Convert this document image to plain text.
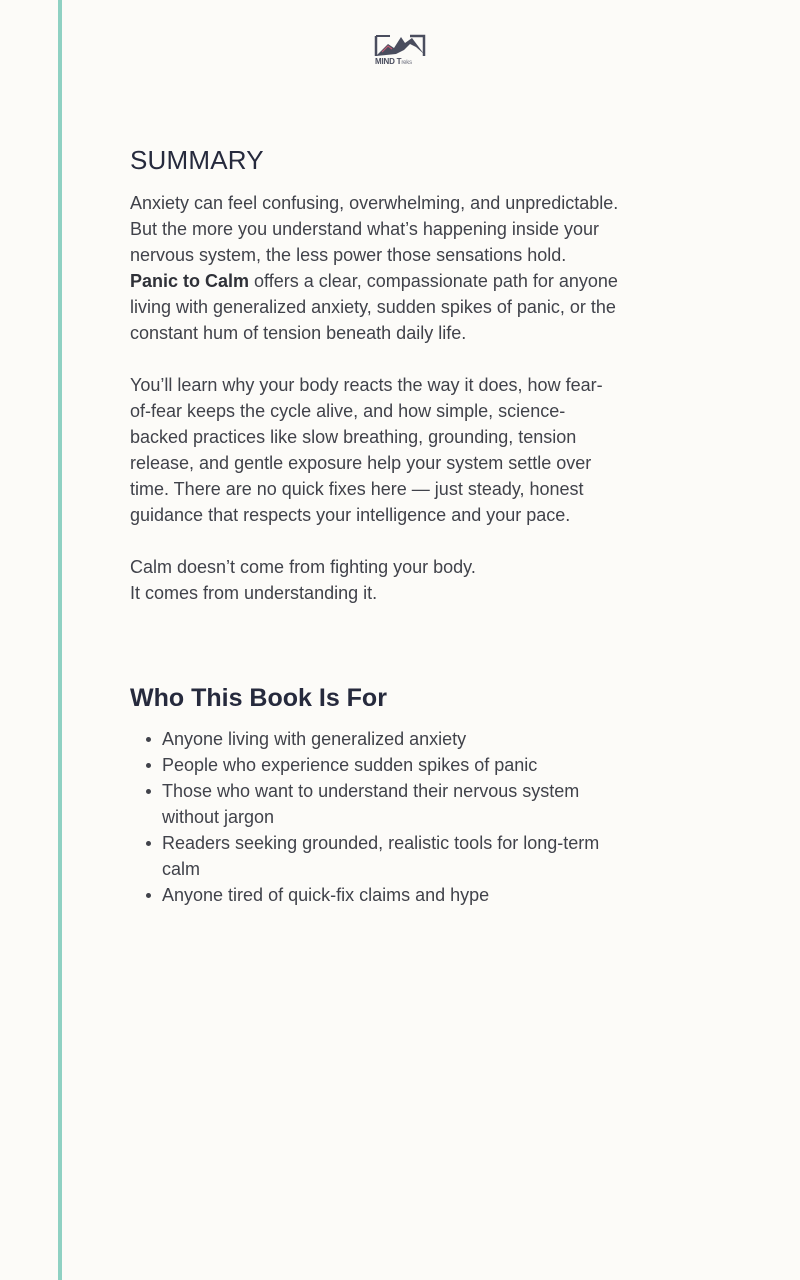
MIND Treks
SUMMARY

Anxiety can feel confusing, overwhelming, and unpredictable.
But the more you understand what’s happening inside your
nervous system, the less power those sensations hold.
Panic to Calm offers a clear, compassionate path for anyone
living with generalized anxiety, sudden spikes of panic, or the
constant hum of tension beneath daily life.

You’ll learn why your body reacts the way it does, how fear-
of-fear keeps the cycle alive, and how simple, science-
backed practices like slow breathing, grounding, tension
release, and gentle exposure help your system settle over
time. There are no quick fixes here — just steady, honest
guidance that respects your intelligence and your pace.

Calm doesn’t come from fighting your body.
It comes from understanding it.

Who This Book Is For
Anyone living with generalized anxiety
People who experience sudden spikes of panic
Those who want to understand their nervous system
without jargon
Readers seeking grounded, realistic tools for long-term
calm
Anyone tired of quick-fix claims and hype
